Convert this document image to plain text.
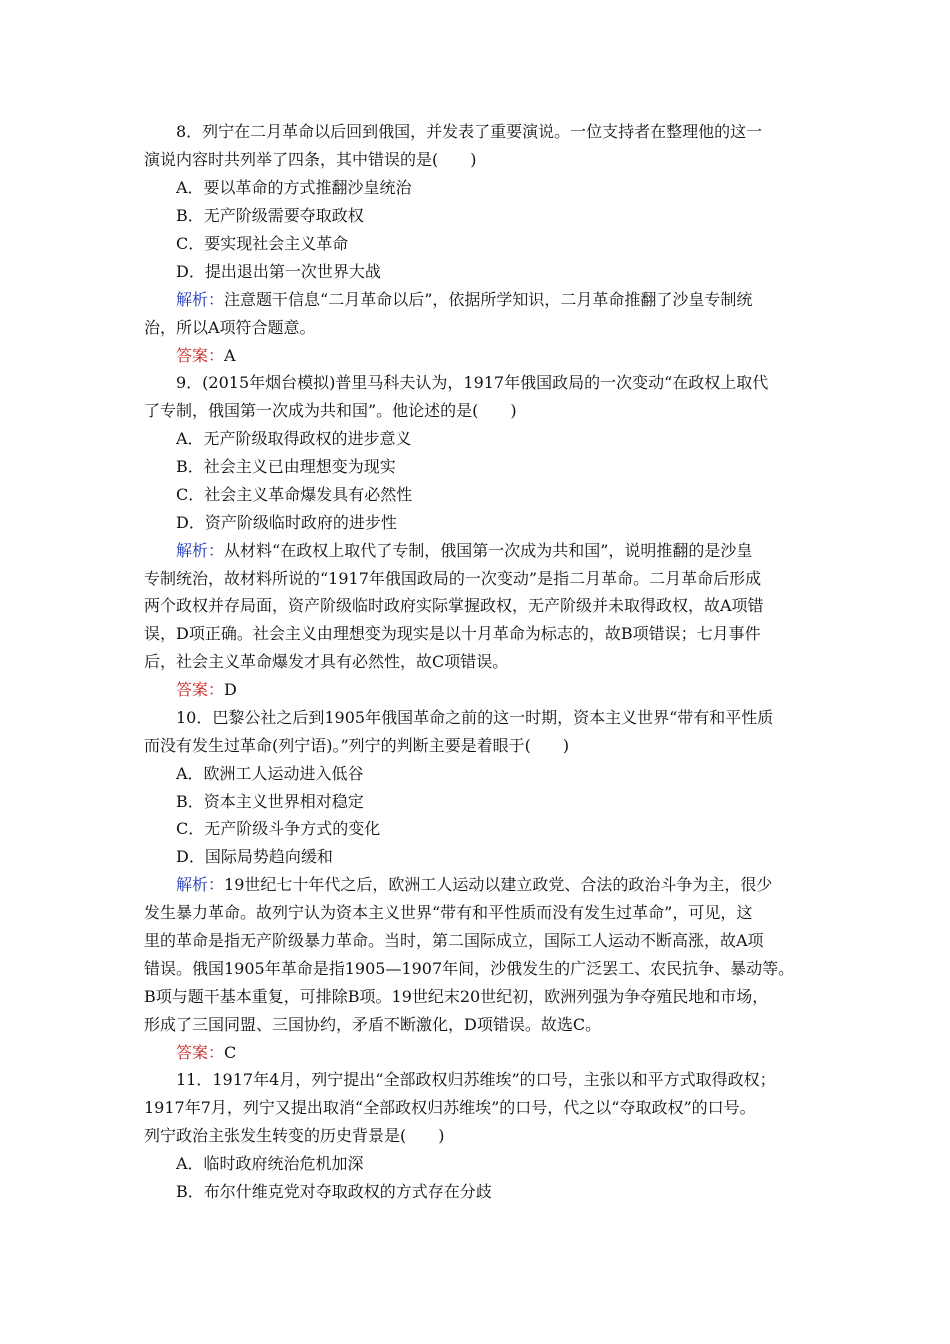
8．列宁在二月革命以后回到俄国，并发表了重要演说。一位支持者在整理他的这一
演说内容时共列举了四条，其中错误的是(　　)
A．要以革命的方式推翻沙皇统治
B．无产阶级需要夺取政权
C．要实现社会主义革命
D．提出退出第一次世界大战
解析：注意题干信息“二月革命以后”，依据所学知识，二月革命推翻了沙皇专制统
治，所以A项符合题意。
答案：A
9．(2015年烟台模拟)普里马科夫认为，1917年俄国政局的一次变动“在政权上取代
了专制，俄国第一次成为共和国”。他论述的是(　　)
A．无产阶级取得政权的进步意义
B．社会主义已由理想变为现实
C．社会主义革命爆发具有必然性
D．资产阶级临时政府的进步性
解析：从材料“在政权上取代了专制，俄国第一次成为共和国”，说明推翻的是沙皇
专制统治，故材料所说的“1917年俄国政局的一次变动”是指二月革命。二月革命后形成
两个政权并存局面，资产阶级临时政府实际掌握政权，无产阶级并未取得政权，故A项错
误，D项正确。社会主义由理想变为现实是以十月革命为标志的，故B项错误；七月事件
后，社会主义革命爆发才具有必然性，故C项错误。
答案：D
10．巴黎公社之后到1905年俄国革命之前的这一时期，资本主义世界“带有和平性质
而没有发生过革命(列宁语)。”列宁的判断主要是着眼于(　　)
A．欧洲工人运动进入低谷
B．资本主义世界相对稳定
C．无产阶级斗争方式的变化
D．国际局势趋向缓和
解析：19世纪七十年代之后，欧洲工人运动以建立政党、合法的政治斗争为主，很少
发生暴力革命。故列宁认为资本主义世界“带有和平性质而没有发生过革命”，可见，这
里的革命是指无产阶级暴力革命。当时，第二国际成立，国际工人运动不断高涨，故A项
错误。俄国1905年革命是指1905—1907年间，沙俄发生的广泛罢工、农民抗争、暴动等。
B项与题干基本重复，可排除B项。19世纪末20世纪初，欧洲列强为争夺殖民地和市场，
形成了三国同盟、三国协约，矛盾不断激化，D项错误。故选C。
答案：C
11．1917年4月，列宁提出“全部政权归苏维埃”的口号，主张以和平方式取得政权；
1917年7月，列宁又提出取消“全部政权归苏维埃”的口号，代之以“夺取政权”的口号。
列宁政治主张发生转变的历史背景是(　　)
A．临时政府统治危机加深
B．布尔什维克党对夺取政权的方式存在分歧
